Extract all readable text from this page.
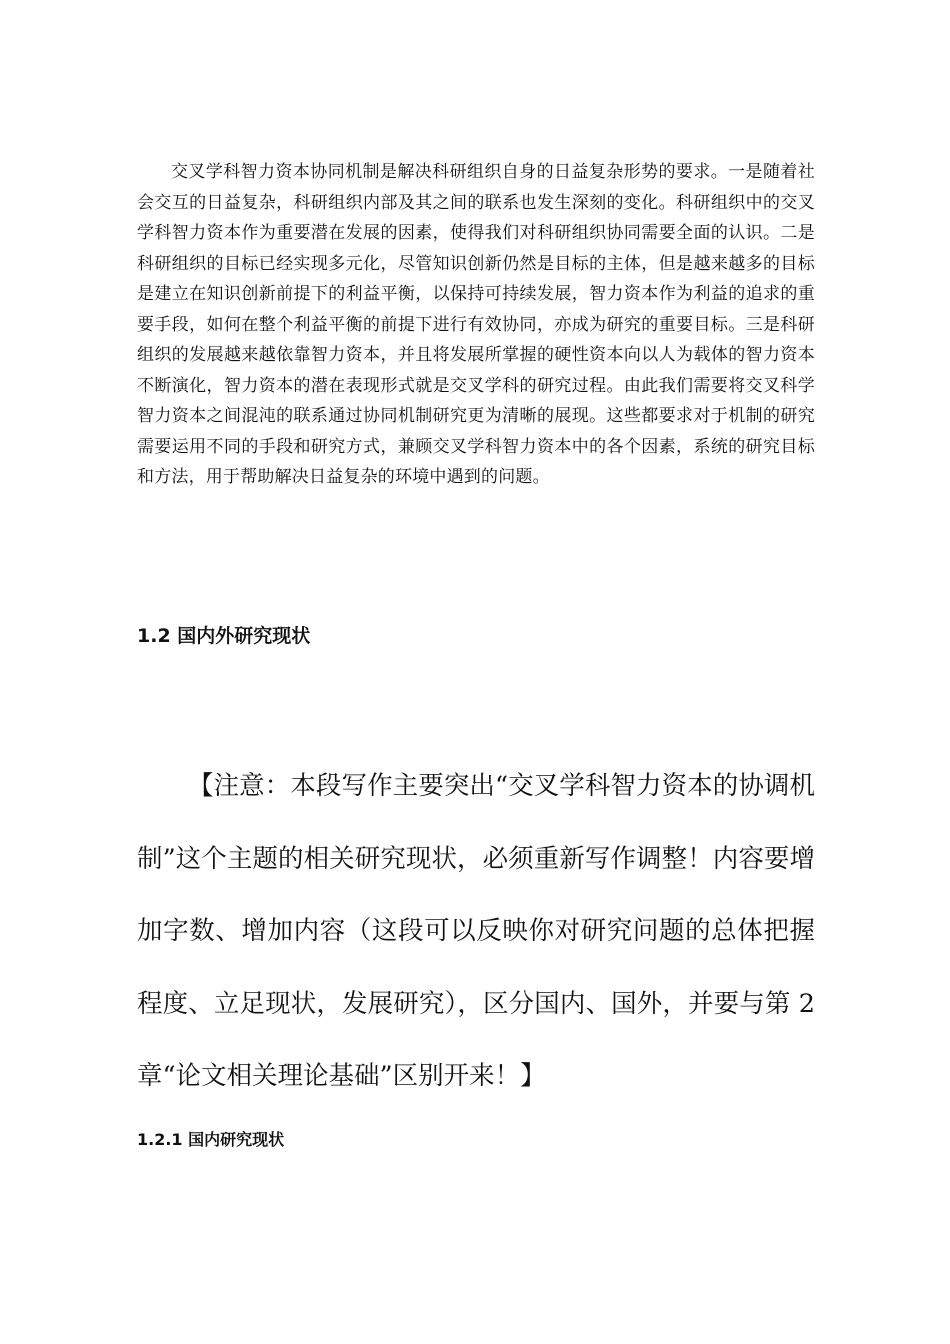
交叉学科智力资本协同机制是解决科研组织自身的日益复杂形势的要求。一是随着社会交互的日益复杂，科研组织内部及其之间的联系也发生深刻的变化。科研组织中的交叉学科智力资本作为重要潜在发展的因素，使得我们对科研组织协同需要全面的认识。二是科研组织的目标已经实现多元化，尽管知识创新仍然是目标的主体，但是越来越多的目标是建立在知识创新前提下的利益平衡，以保持可持续发展，智力资本作为利益的追求的重要手段，如何在整个利益平衡的前提下进行有效协同，亦成为研究的重要目标。三是科研组织的发展越来越依靠智力资本，并且将发展所掌握的硬性资本向以人为载体的智力资本不断演化，智力资本的潜在表现形式就是交叉学科的研究过程。由此我们需要将交叉科学智力资本之间混沌的联系通过协同机制研究更为清晰的展现。这些都要求对于机制的研究需要运用不同的手段和研究方式，兼顾交叉学科智力资本中的各个因素，系统的研究目标和方法，用于帮助解决日益复杂的环境中遇到的问题。

1.2 国内外研究现状

【注意：本段写作主要突出“交叉学科智力资本的协调机制”这个主题的相关研究现状，必须重新写作调整！内容要增加字数、增加内容（这段可以反映你对研究问题的总体把握程度、立足现状，发展研究），区分国内、国外，并要与第 2 章“论文相关理论基础”区别开来！】

1.2.1 国内研究现状
